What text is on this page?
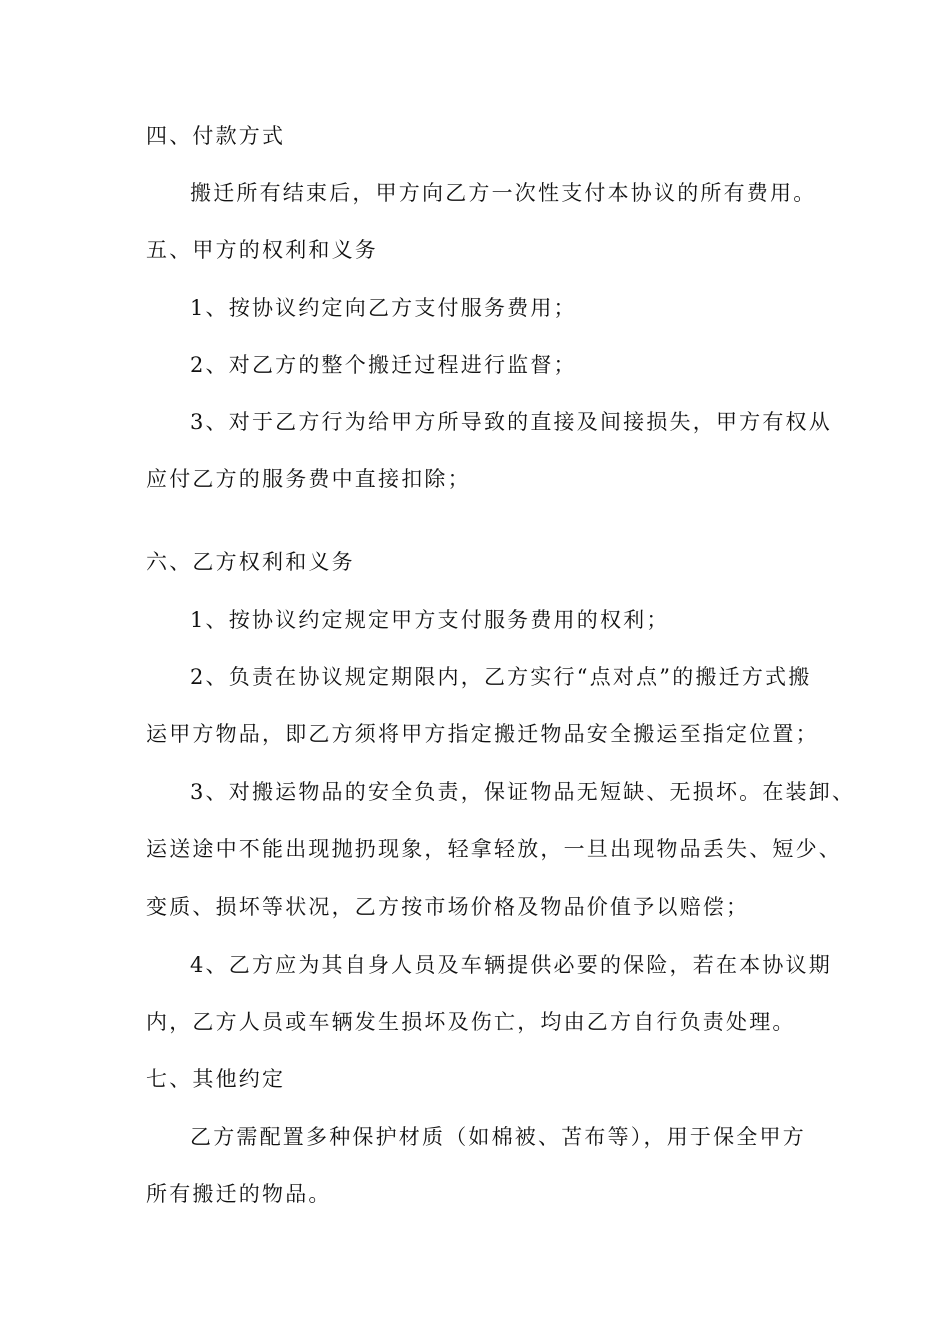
四、付款方式
搬迁所有结束后，甲方向乙方一次性支付本协议的所有费用。
五、甲方的权利和义务
1、按协议约定向乙方支付服务费用；
2、对乙方的整个搬迁过程进行监督；
3、对于乙方行为给甲方所导致的直接及间接损失，甲方有权从
应付乙方的服务费中直接扣除；
六、乙方权利和义务
1、按协议约定规定甲方支付服务费用的权利；
2、负责在协议规定期限内，乙方实行“点对点”的搬迁方式搬
运甲方物品，即乙方须将甲方指定搬迁物品安全搬运至指定位置；
3、对搬运物品的安全负责，保证物品无短缺、无损坏。在装卸、
运送途中不能出现抛扔现象，轻拿轻放，一旦出现物品丢失、短少、
变质、损坏等状况，乙方按市场价格及物品价值予以赔偿；
4、乙方应为其自身人员及车辆提供必要的保险，若在本协议期
内，乙方人员或车辆发生损坏及伤亡，均由乙方自行负责处理。
七、其他约定
乙方需配置多种保护材质（如棉被、苫布等），用于保全甲方
所有搬迁的物品。
